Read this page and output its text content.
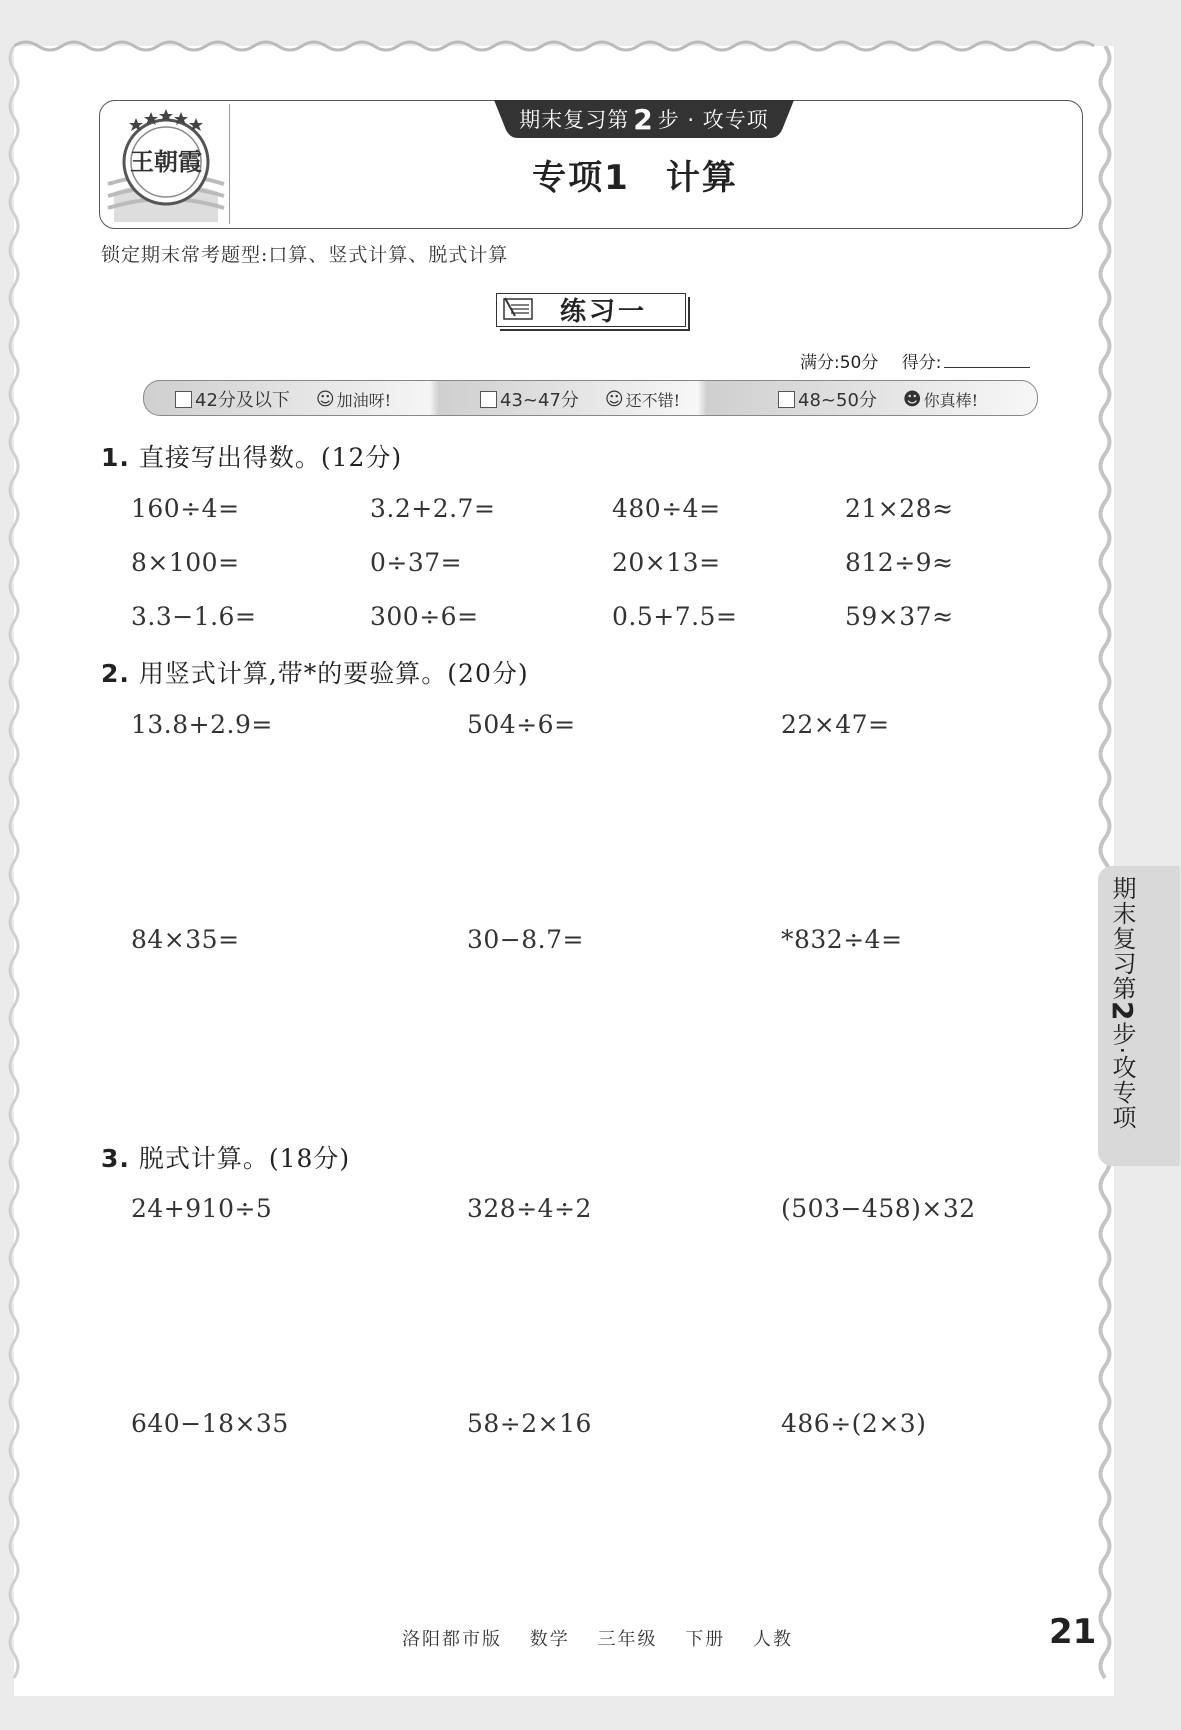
王朝霞
期末复习第 2 步 · 攻专项
专项1　计算
锁定期末常考题型:口算、竖式计算、脱式计算
练习一
满分:50分 得分:
42分及以下 ☺ 加油呀!	43~47分 ☺ 还不错!	48~50分 ☻ 你真棒!
1. 直接写出得数。(12分)
160÷4=	3.2+2.7=	480÷4=	21×28≈
8×100=	0÷37=	20×13=	812÷9≈
3.3−1.6=	300÷6=	0.5+7.5=	59×37≈
2. 用竖式计算,带*的要验算。(20分)
13.8+2.9=	504÷6=	22×47=
84×35=	30−8.7=	*832÷4=
3. 脱式计算。(18分)
24+910÷5	328÷4÷2	(503−458)×32
640−18×35	58÷2×16	486÷(2×3)
期末复习第2步·攻专项
洛阳都市版 数学 三年级 下册 人教	21
